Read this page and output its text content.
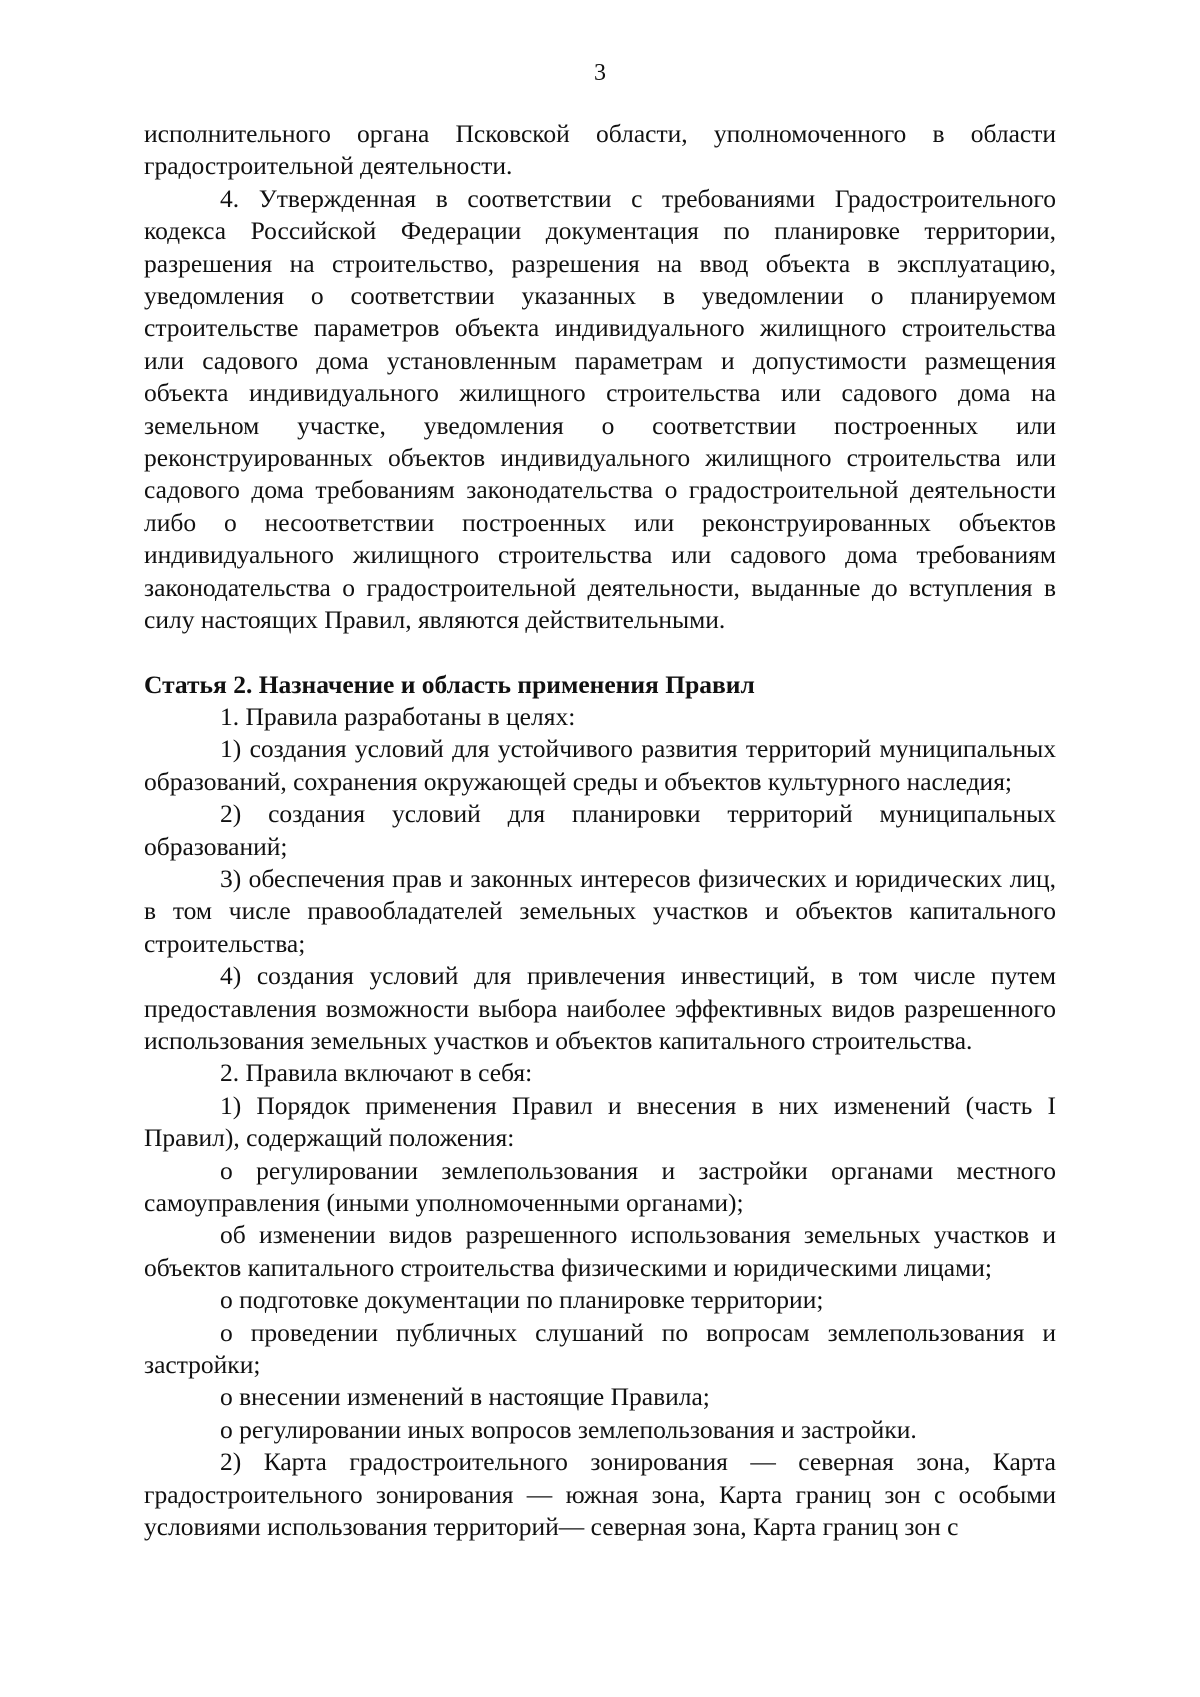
3

исполнительного органа Псковской области, уполномоченного в области градостроительной деятельности.

4. Утвержденная в соответствии с требованиями Градостроительного кодекса Российской Федерации документация по планировке территории, разрешения на строительство, разрешения на ввод объекта в эксплуатацию, уведомления о соответствии указанных в уведомлении о планируемом строительстве параметров объекта индивидуального жилищного строительства или садового дома установленным параметрам и допустимости размещения объекта индивидуального жилищного строительства или садового дома на земельном участке, уведомления о соответствии построенных или реконструированных объектов индивидуального жилищного строительства или садового дома требованиям законодательства о градостроительной деятельности либо о несоответствии построенных или реконструированных объектов индивидуального жилищного строительства или садового дома требованиям законодательства о градостроительной деятельности, выданные до вступления в силу настоящих Правил, являются действительными.

Статья 2. Назначение и область применения Правил

1. Правила разработаны в целях:

1) создания условий для устойчивого развития территорий муниципальных образований, сохранения окружающей среды и объектов культурного наследия;

2) создания условий для планировки территорий муниципальных образований;

3) обеспечения прав и законных интересов физических и юридических лиц, в том числе правообладателей земельных участков и объектов капитального строительства;

4) создания условий для привлечения инвестиций, в том числе путем предоставления возможности выбора наиболее эффективных видов разрешенного использования земельных участков и объектов капитального строительства.

2. Правила включают в себя:

1) Порядок применения Правил и внесения в них изменений (часть I Правил), содержащий положения:

о регулировании землепользования и застройки органами местного самоуправления (иными уполномоченными органами);

об изменении видов разрешенного использования земельных участков и объектов капитального строительства физическими и юридическими лицами;

о подготовке документации по планировке территории;

о проведении публичных слушаний по вопросам землепользования и застройки;

о внесении изменений в настоящие Правила;

о регулировании иных вопросов землепользования и застройки.

2) Карта градостроительного зонирования — северная зона, Карта градостроительного зонирования — южная зона, Карта границ зон с особыми условиями использования территорий— северная зона, Карта границ зон с
